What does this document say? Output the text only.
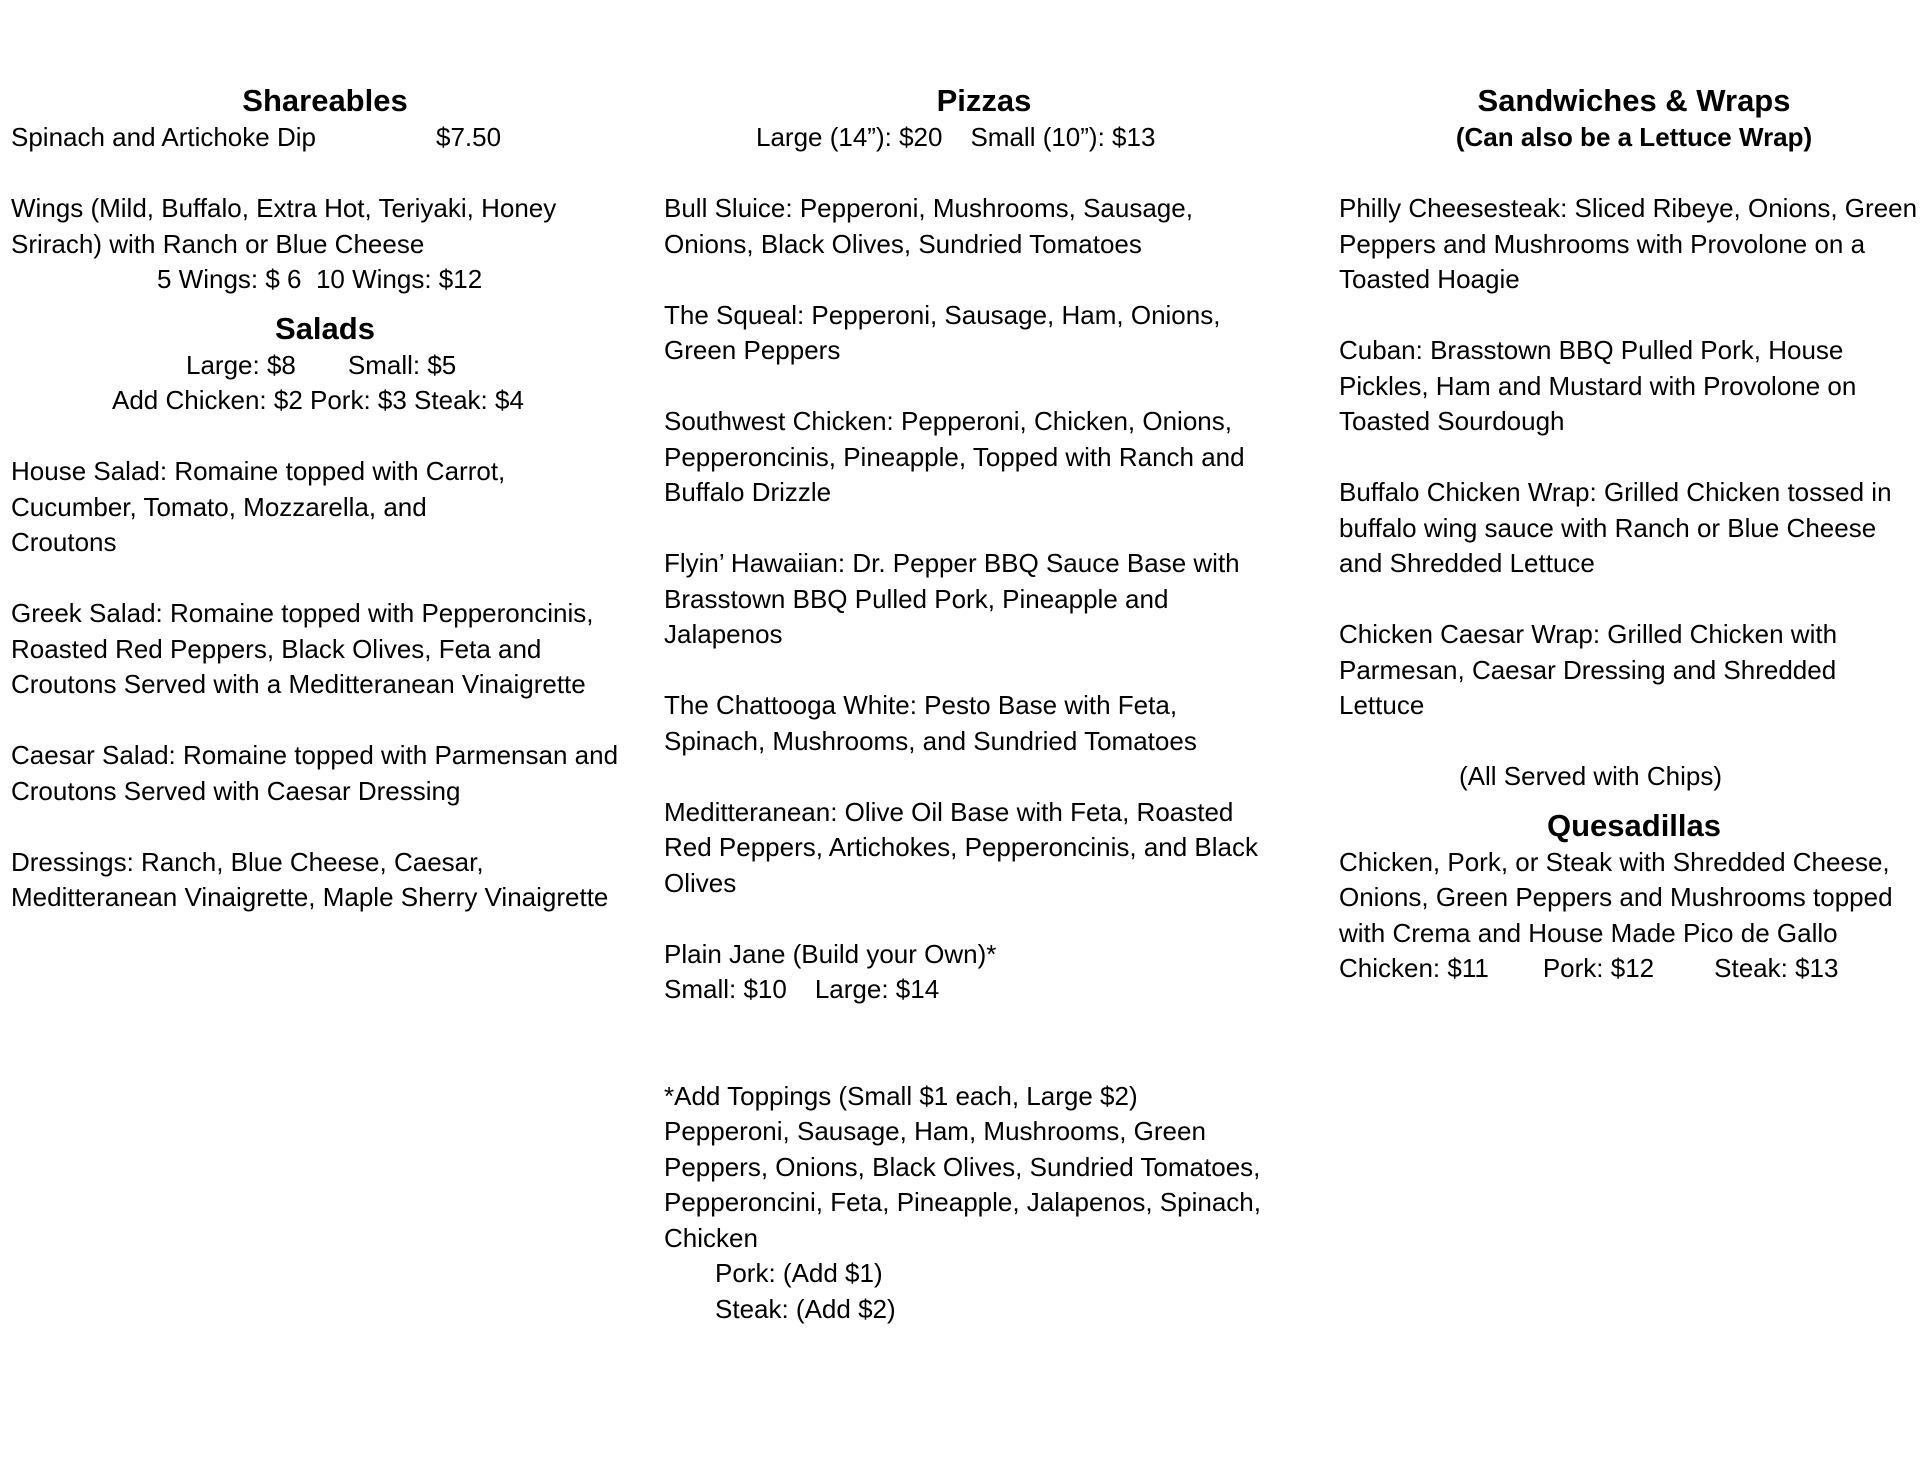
Shareables
Spinach and Artichoke Dip	$7.50

Wings (Mild, Buffalo, Extra Hot, Teriyaki, Honey Srirach) with Ranch or Blue Cheese

5 Wings: $ 6 10 Wings: $12

Salads

Large: $8 Small: $5

Add Chicken: $2 Pork: $3 Steak: $4

House Salad: Romaine topped with Carrot, Cucumber, Tomato, Mozzarella, and Croutons

Greek Salad: Romaine topped with Pepperoncinis, Roasted Red Peppers, Black Olives, Feta and Croutons Served with a Meditteranean Vinaigrette

Caesar Salad: Romaine topped with Parmensan and Croutons Served with Caesar Dressing

Dressings: Ranch, Blue Cheese, Caesar, Meditteranean Vinaigrette, Maple Sherry Vinaigrette

Pizzas

Large (14”): $20 Small (10”): $13

Bull Sluice: Pepperoni, Mushrooms, Sausage, Onions, Black Olives, Sundried Tomatoes

The Squeal: Pepperoni, Sausage, Ham, Onions, Green Peppers

Southwest Chicken: Pepperoni, Chicken, Onions, Pepperoncinis, Pineapple, Topped with Ranch and Buffalo Drizzle

Flyin’ Hawaiian: Dr. Pepper BBQ Sauce Base with Brasstown BBQ Pulled Pork, Pineapple and Jalapenos

The Chattooga White: Pesto Base with Feta, Spinach, Mushrooms, and Sundried Tomatoes

Meditteranean: Olive Oil Base with Feta, Roasted Red Peppers, Artichokes, Pepperoncinis, and Black Olives

Plain Jane (Build your Own)*

Small: $10 Large: $14

*Add Toppings (Small $1 each, Large $2)

Pepperoni, Sausage, Ham, Mushrooms, Green Peppers, Onions, Black Olives, Sundried Tomatoes, Pepperoncini, Feta, Pineapple, Jalapenos, Spinach, Chicken

Pork: (Add $1)

Steak: (Add $2)

Sandwiches & Wraps
(Can also be a Lettuce Wrap)

Philly Cheesesteak: Sliced Ribeye, Onions, Green Peppers and Mushrooms with Provolone on a Toasted Hoagie

Cuban: Brasstown BBQ Pulled Pork, House Pickles, Ham and Mustard with Provolone on Toasted Sourdough

Buffalo Chicken Wrap: Grilled Chicken tossed in buffalo wing sauce with Ranch or Blue Cheese and Shredded Lettuce

Chicken Caesar Wrap: Grilled Chicken with Parmesan, Caesar Dressing and Shredded Lettuce

(All Served with Chips)

Quesadillas

Chicken, Pork, or Steak with Shredded Cheese, Onions, Green Peppers and Mushrooms topped with Crema and House Made Pico de Gallo

Chicken: $11 Pork: $12 Steak: $13
